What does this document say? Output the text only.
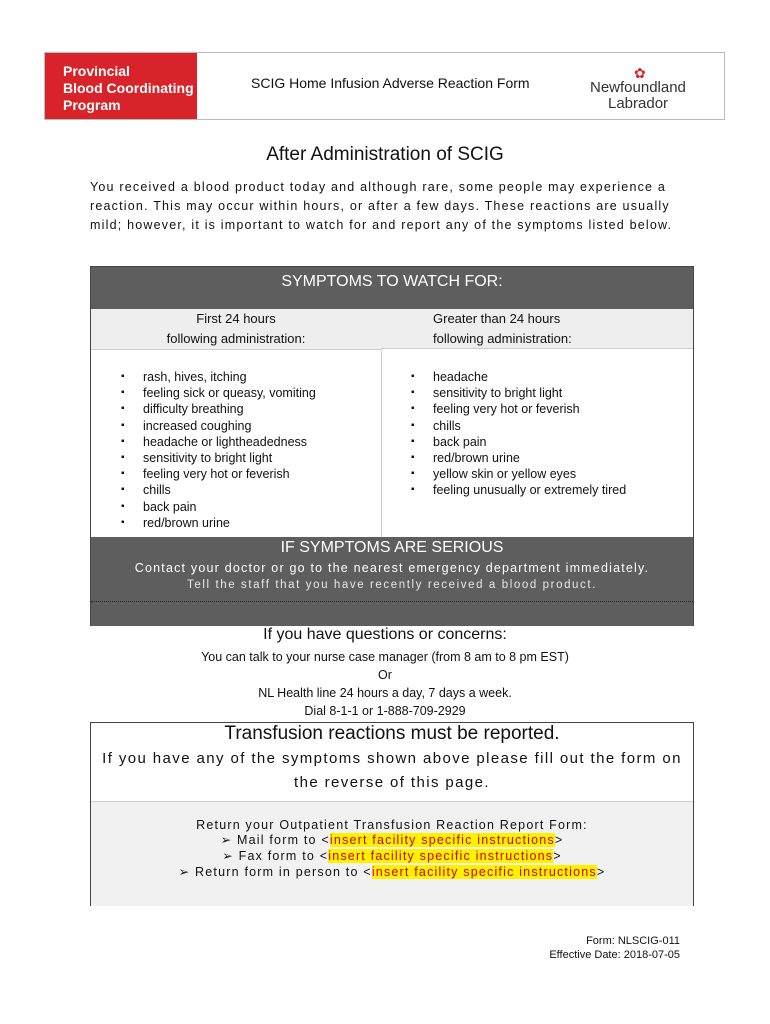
Provincial
Blood Coordinating
Program
SCIG Home Infusion Adverse Reaction Form
✿
Newfoundland
Labrador
After Administration of SCIG
You received a blood product today and although rare, some people may experience a reaction. This may occur within hours, or after a few days. These reactions are usually mild; however, it is important to watch for and report any of the symptoms listed below.
SYMPTOMS TO WATCH FOR:
First 24 hours
following administration:
Greater than 24 hours
following administration:
▪ rash, hives, itching
▪ feeling sick or queasy, vomiting
▪ difficulty breathing
▪ increased coughing
▪ headache or lightheadedness
▪ sensitivity to bright light
▪ feeling very hot or feverish
▪ chills
▪ back pain
▪ red/brown urine
▪ headache
▪ sensitivity to bright light
▪ feeling very hot or feverish
▪ chills
▪ back pain
▪ red/brown urine
▪ yellow skin or yellow eyes
▪ feeling unusually or extremely tired
IF SYMPTOMS ARE SERIOUS
Contact your doctor or go to the nearest emergency department immediately.
Tell the staff that you have recently received a blood product.
If you have questions or concerns:
You can talk to your nurse case manager (from 8 am to 8 pm EST)
Or
NL Health line 24 hours a day, 7 days a week.
Dial 8-1-1 or 1-888-709-2929
Transfusion reactions must be reported.
If you have any of the symptoms shown above please fill out the form on
the reverse of this page.
Return your Outpatient Transfusion Reaction Report Form:
➢ Mail form to <insert facility specific instructions>
➢ Fax form to <insert facility specific instructions>
➢ Return form in person to <insert facility specific instructions>
Form: NLSCIG-011
Effective Date: 2018-07-05
